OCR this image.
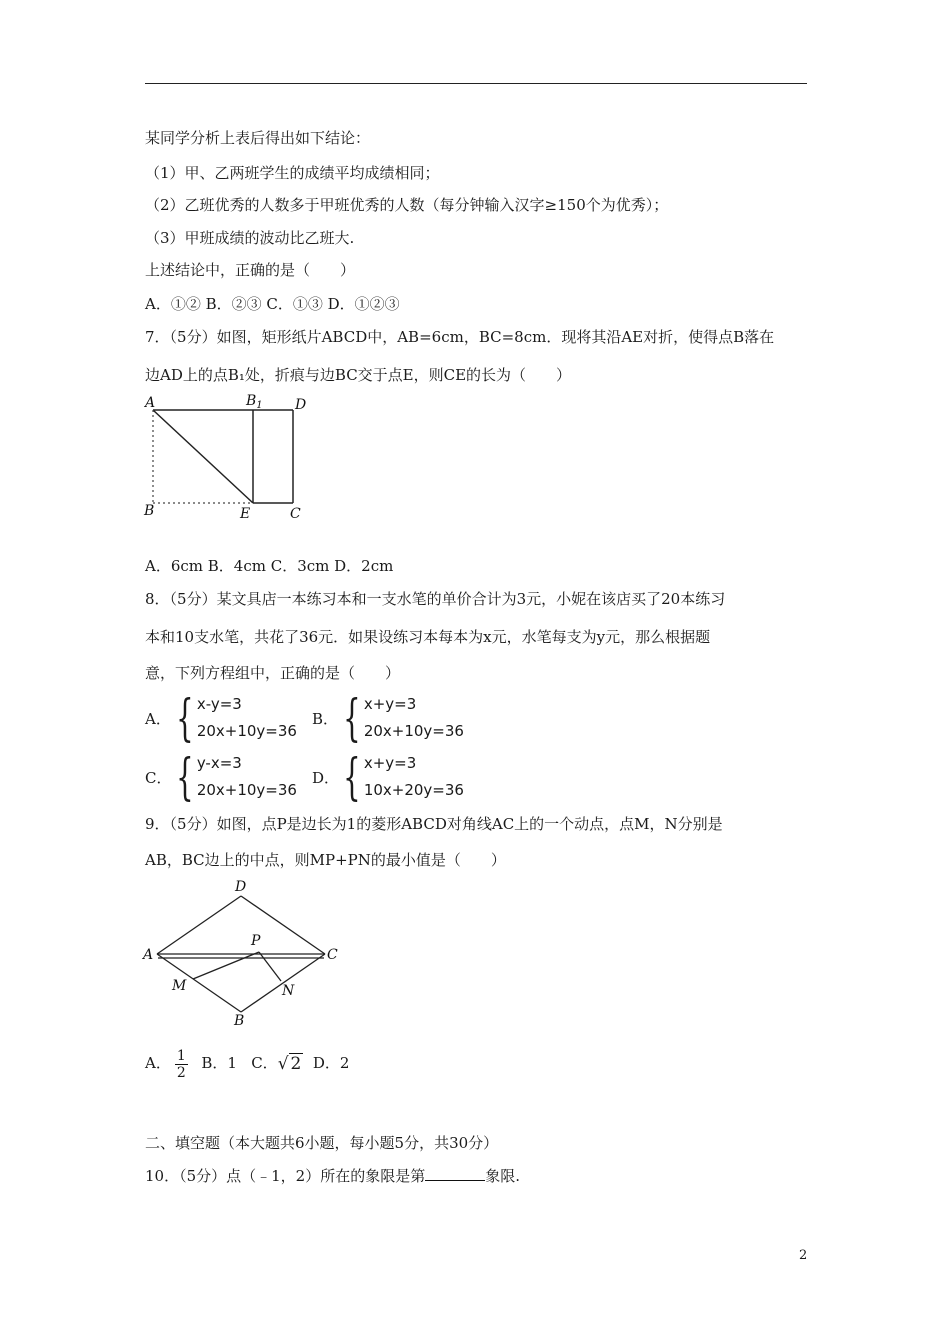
某同学分析上表后得出如下结论：
（1）甲、乙两班学生的成绩平均成绩相同；
（2）乙班优秀的人数多于甲班优秀的人数（每分钟输入汉字≥150个为优秀）；
（3）甲班成绩的波动比乙班大.
上述结论中，正确的是（　　）
A．①② B．②③ C．①③ D．①②③
7．（5分）如图，矩形纸片ABCD中，AB=6cm，BC=8cm．现将其沿AE对折，使得点B落在
边AD上的点B₁处，折痕与边BC交于点E，则CE的长为（　　）
A	$B_1$ D
B	E	C
A．6cm B．4cm C．3cm D．2cm
8．（5分）某文具店一本练习本和一支水笔的单价合计为3元，小妮在该店买了20本练习
本和10支水笔，共花了36元．如果设练习本每本为x元，水笔每支为y元，那么根据题
意，下列方程组中，正确的是（　　）
A． { x-y=3
20x+10y=36
B． { x+y=3
20x+10y=36
C． { y-x=3
20x+10y=36
D． { x+y=3
10x+20y=36
9．（5分）如图，点P是边长为1的菱形ABCD对角线AC上的一个动点，点M，N分别是
AB，BC边上的中点，则MP+PN的最小值是（　　）
D
A
P
C
M	N
B
A． $\frac{1}{2}$ B．1 C．√ 2 D．2
二、填空题（本大题共6小题，每小题5分，共30分）
10．（5分）点（﹣1，2）所在的象限是第	象限.
2
